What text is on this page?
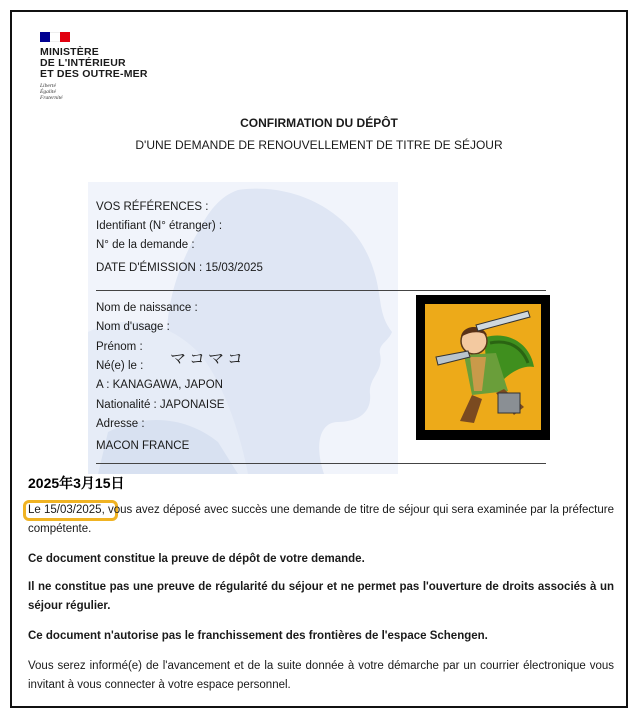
MINISTÈRE
DE L'INTÉRIEUR
ET DES OUTRE-MER
Liberté
Égalité
Fraternité
CONFIRMATION DU DÉPÔT
D'UNE DEMANDE DE RENOUVELLEMENT DE TITRE DE SÉJOUR
VOS RÉFÉRENCES :
Identifiant (N° étranger) :
N° de la demande :
DATE D'ÉMISSION : 15/03/2025
Nom de naissance :
Nom d'usage :
Prénom :
Né(e) le :
A : KANAGAWA, JAPON
Nationalité : JAPONAISE
Adresse :
MACON FRANCE
マコマコ
2025年3月15日
Le 15/03/2025, vous avez déposé avec succès une demande de titre de séjour qui sera examinée par la préfecture compétente.
Ce document constitue la preuve de dépôt de votre demande.
Il ne constitue pas une preuve de régularité du séjour et ne permet pas l'ouverture de droits associés à un séjour régulier.
Ce document n'autorise pas le franchissement des frontières de l'espace Schengen.
Vous serez informé(e) de l'avancement et de la suite donnée à votre démarche par un courrier électronique vous invitant à vous connecter à votre espace personnel.
